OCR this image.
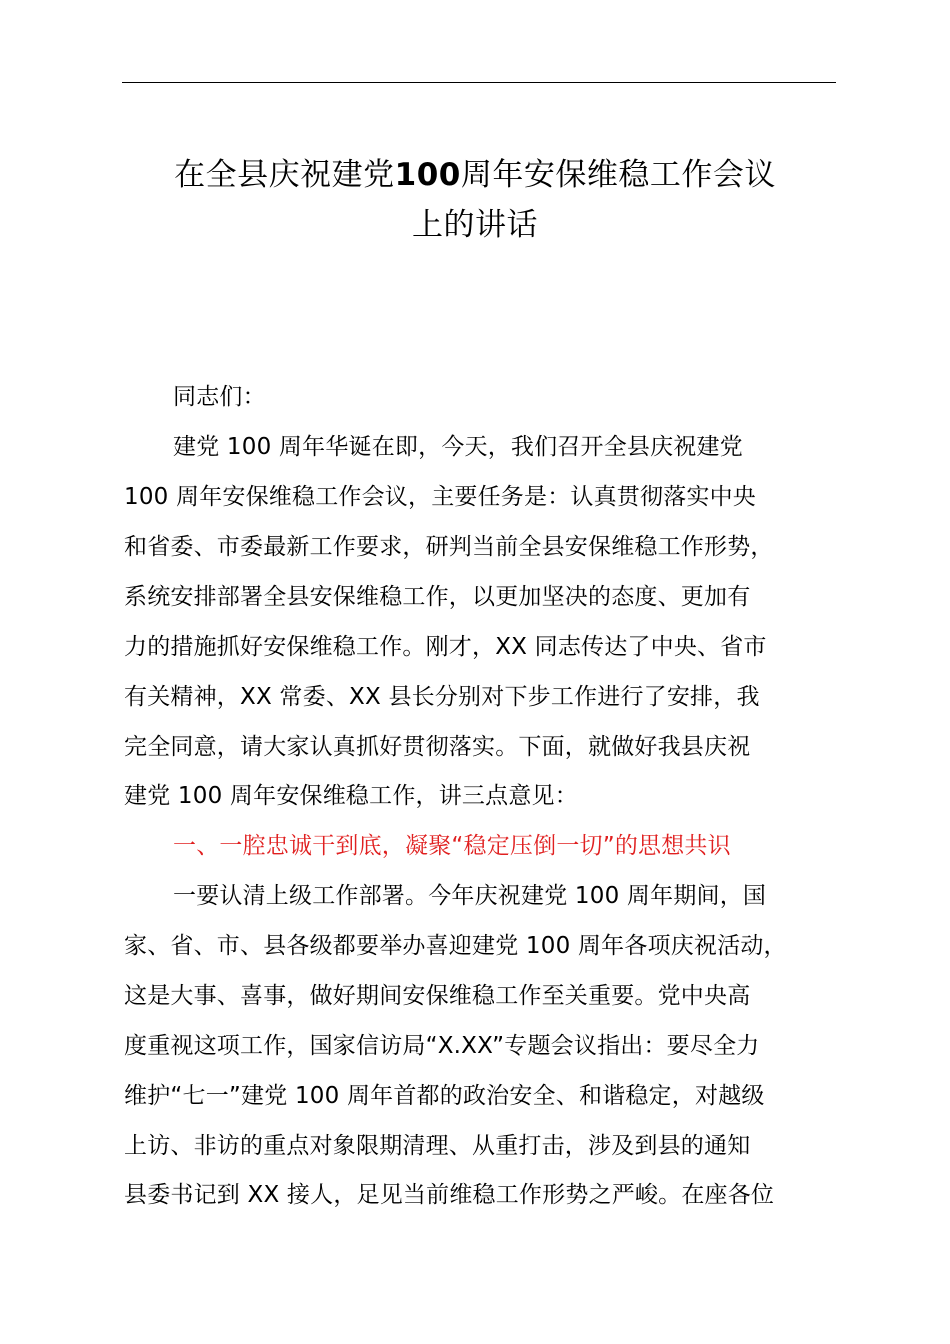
在全县庆祝建党100周年安保维稳工作会议
上的讲话
同志们：
建党 100 周年华诞在即，今天，我们召开全县庆祝建党
100 周年安保维稳工作会议，主要任务是：认真贯彻落实中央
和省委、市委最新工作要求，研判当前全县安保维稳工作形势，
系统安排部署全县安保维稳工作，以更加坚决的态度、更加有
力的措施抓好安保维稳工作。刚才，XX 同志传达了中央、省市
有关精神，XX 常委、XX 县长分别对下步工作进行了安排，我
完全同意，请大家认真抓好贯彻落实。下面，就做好我县庆祝
建党 100 周年安保维稳工作，讲三点意见：
一、一腔忠诚干到底，凝聚“稳定压倒一切”的思想共识
一要认清上级工作部署。今年庆祝建党 100 周年期间，国
家、省、市、县各级都要举办喜迎建党 100 周年各项庆祝活动，
这是大事、喜事，做好期间安保维稳工作至关重要。党中央高
度重视这项工作，国家信访局“X.XX”专题会议指出：要尽全力
维护“七一”建党 100 周年首都的政治安全、和谐稳定，对越级
上访、非访的重点对象限期清理、从重打击，涉及到县的通知
县委书记到 XX 接人，足见当前维稳工作形势之严峻。在座各位
